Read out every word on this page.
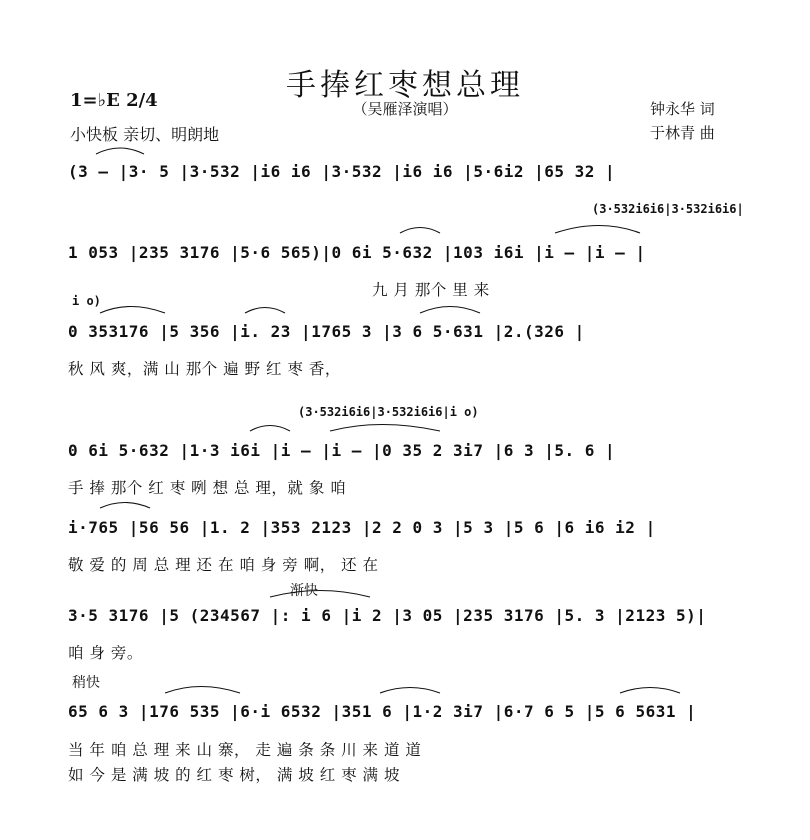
手捧红枣想总理
（吴雁泽演唱）
1=♭E 2/4
小快板 亲切、明朗地
钟永华 词
于林青 曲
(3 – |3· 5 |3·532 |i6 i6 |3·532 |i6 i6 |5·6i2 |65 32 |
(3·532i6i6|3·532i6i6|
1 053 |235 3176 |5·6 565)|0 6i 5·632 |103 i6i |i – |i – |
九 月 那个 里 来
i o)
0 353176 |5 356 |i. 23 |1765 3 |3 6 5·631 |2.(326 |
秋 风 爽，满 山 那个 遍 野 红 枣 香，
(3·532i6i6|3·532i6i6|i o)
0 6i 5·632 |1·3 i6i |i – |i – |0 35 2 3i7 |6 3 |5. 6 |
手 捧 那个 红 枣 咧 想 总 理，就 象 咱
i·765 |56 56 |1. 2 |353 2123 |2 2 0 3 |5 3 |5 6 |6 i6 i2 |
敬 爱 的 周 总 理 还 在 咱 身 旁 啊， 还 在
渐快
3·5 3176 |5 (234567 |: i 6 |i 2 |3 05 |235 3176 |5. 3 |2123 5)|
咱 身 旁。
稍快
65 6 3 |176 535 |6·i 6532 |351 6 |1·2 3i7 |6·7 6 5 |5 6 5631 |
当 年 咱 总 理 来 山 寨， 走 遍 条 条 川 来 道 道
如 今 是 满 坡 的 红 枣 树， 满 坡 红 枣 满 坡
